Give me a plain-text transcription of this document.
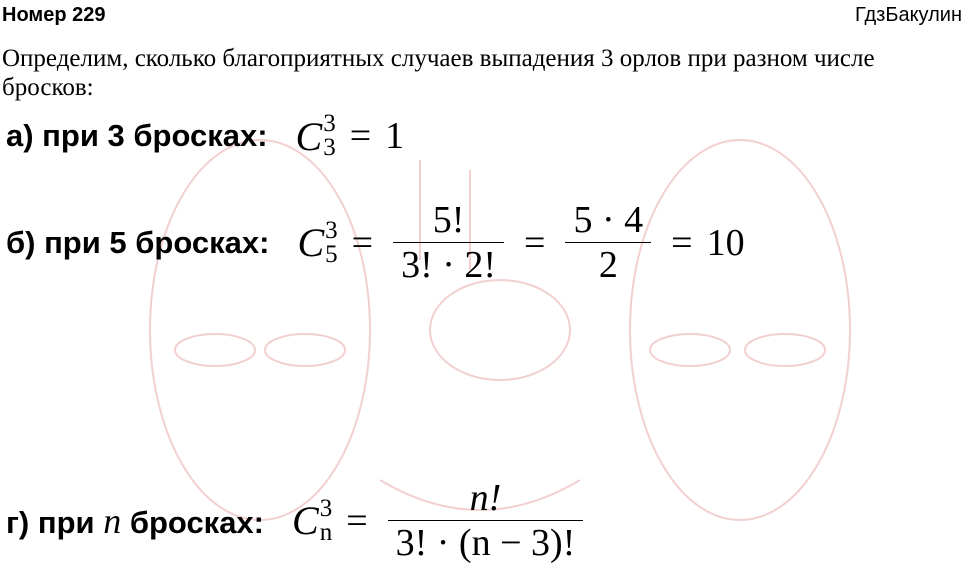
Номер 229	ГдзБакулин
Определим, сколько благоприятных случаев выпадения 3 орлов при разном числе бросков:
а) при 3 бросках: C 3
3 = 1
б) при 5 бросках: C 3
$5 = \frac{5!}{3! \cdot 2!} = \frac{5 \cdot 4}{2} = 10$
г) при n бросках: C 3
$n = \frac{n!}{3! \cdot (n - 3)!}$
